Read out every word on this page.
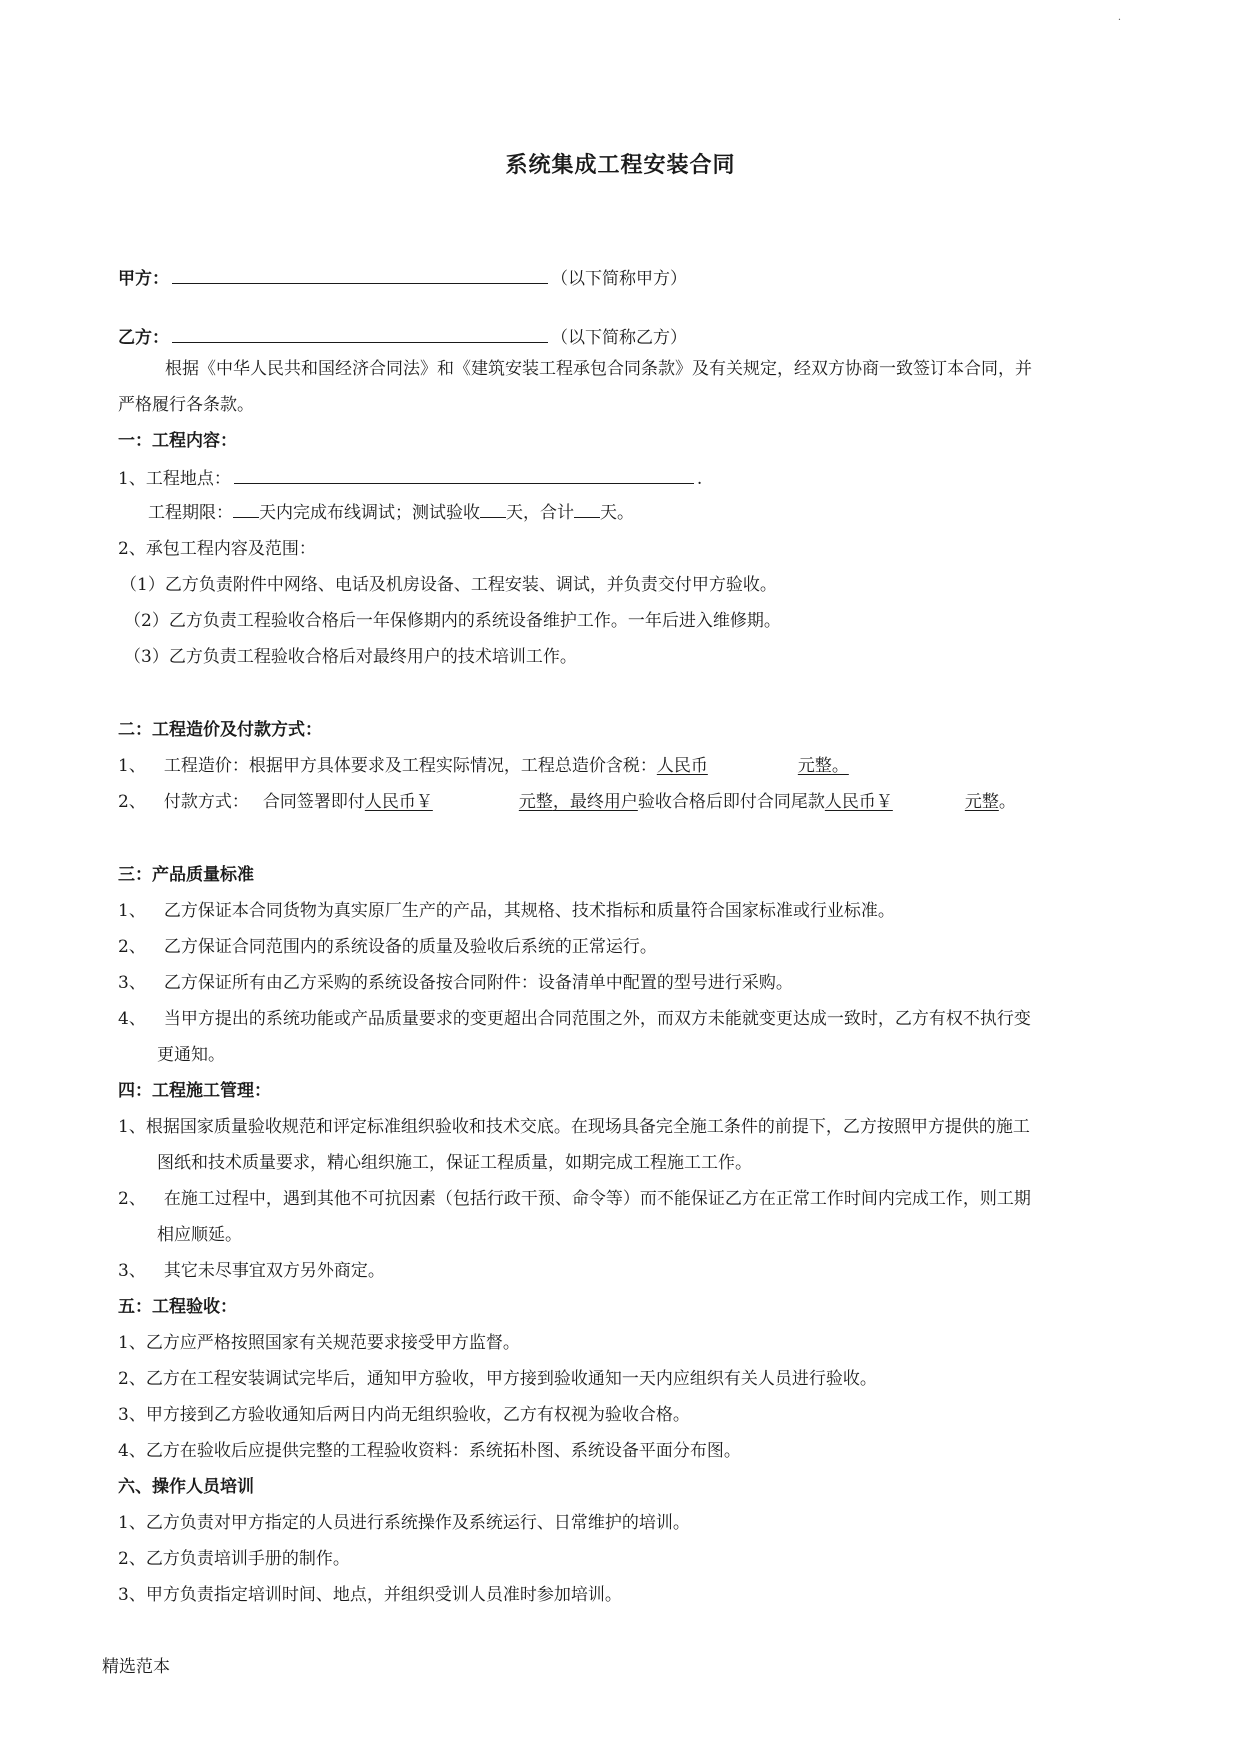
.
系统集成工程安装合同
甲方：	（以下简称甲方）
乙方：	（以下简称乙方）
根据《中华人民共和国经济合同法》和《建筑安装工程承包合同条款》及有关规定，经双方协商一致签订本合同，并
严格履行各条款。
一：工程内容：
1、工程地点：	.
工程期限： 天内完成布线调试；测试验收 天，合计 天。
2、承包工程内容及范围：
（1）乙方负责附件中网络、电话及机房设备、工程安装、调试，并负责交付甲方验收。
（2）乙方负责工程验收合格后一年保修期内的系统设备维护工作。一年后进入维修期。
（3）乙方负责工程验收合格后对最终用户的技术培训工作。
二：工程造价及付款方式：
1、 工程造价：根据甲方具体要求及工程实际情况，工程总造价含税：人民币	元整。
2、 付款方式： 合同签署即付人民币￥	元整，最终用户验收合格后即付合同尾款人民币￥	元整。
三：产品质量标准
1、 乙方保证本合同货物为真实原厂生产的产品，其规格、技术指标和质量符合国家标准或行业标准。
2、 乙方保证合同范围内的系统设备的质量及验收后系统的正常运行。
3、 乙方保证所有由乙方采购的系统设备按合同附件：设备清单中配置的型号进行采购。
4、 当甲方提出的系统功能或产品质量要求的变更超出合同范围之外，而双方未能就变更达成一致时，乙方有权不执行变
更通知。
四：工程施工管理：
1、根据国家质量验收规范和评定标准组织验收和技术交底。在现场具备完全施工条件的前提下，乙方按照甲方提供的施工
图纸和技术质量要求，精心组织施工，保证工程质量，如期完成工程施工工作。
2、 在施工过程中，遇到其他不可抗因素（包括行政干预、命令等）而不能保证乙方在正常工作时间内完成工作，则工期
相应顺延。
3、 其它未尽事宜双方另外商定。
五：工程验收：
1、乙方应严格按照国家有关规范要求接受甲方监督。
2、乙方在工程安装调试完毕后，通知甲方验收，甲方接到验收通知一天内应组织有关人员进行验收。
3、甲方接到乙方验收通知后两日内尚无组织验收，乙方有权视为验收合格。
4、乙方在验收后应提供完整的工程验收资料：系统拓朴图、系统设备平面分布图。
六、操作人员培训
1、乙方负责对甲方指定的人员进行系统操作及系统运行、日常维护的培训。
2、乙方负责培训手册的制作。
3、甲方负责指定培训时间、地点，并组织受训人员准时参加培训。
精选范本
